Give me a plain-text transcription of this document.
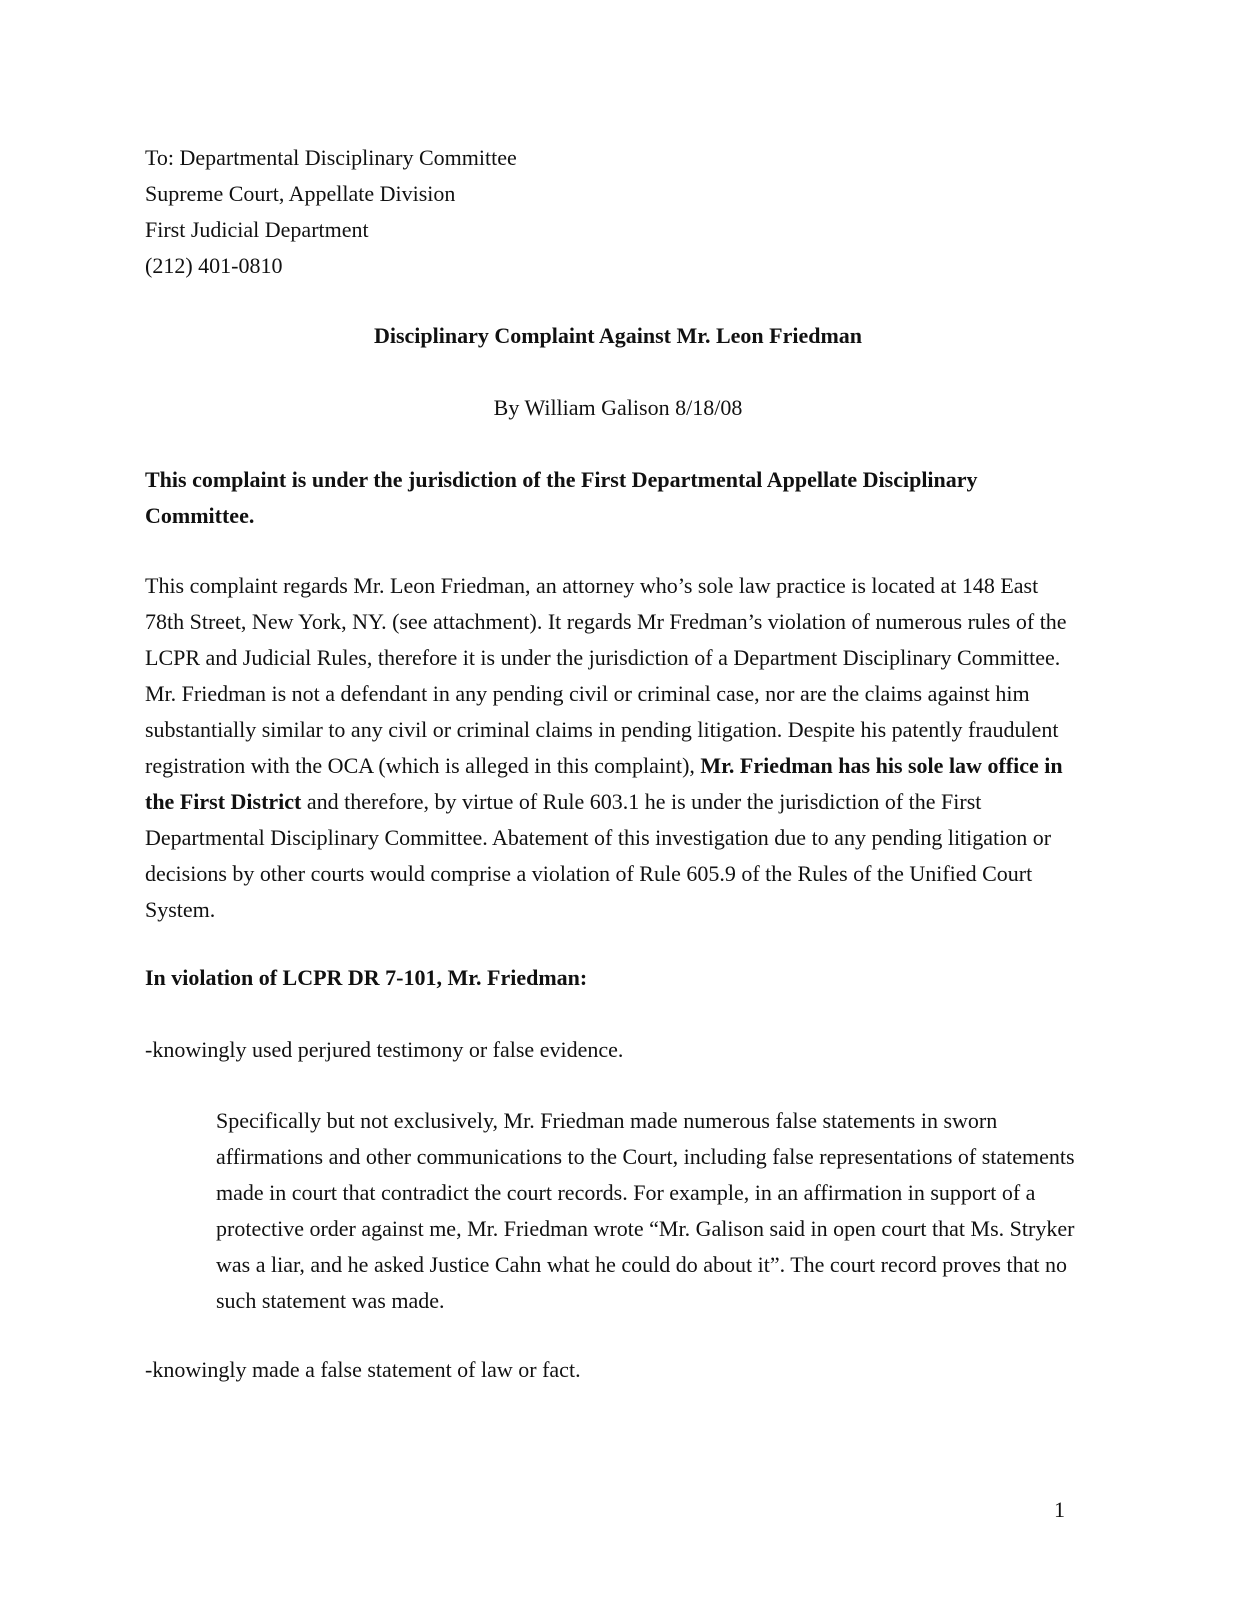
To: Departmental Disciplinary Committee
Supreme Court, Appellate Division
First Judicial Department
(212) 401-0810
Disciplinary Complaint Against Mr. Leon Friedman
By William Galison 8/18/08
This complaint is under the jurisdiction of the First Departmental Appellate Disciplinary Committee.
This complaint regards Mr. Leon Friedman, an attorney who’s sole law practice is located at 148 East 78th Street, New York, NY. (see attachment). It regards Mr Fredman’s violation of numerous rules of the LCPR and Judicial Rules, therefore it is under the jurisdiction of a Department Disciplinary Committee. Mr. Friedman is not a defendant in any pending civil or criminal case, nor are the claims against him substantially similar to any civil or criminal claims in pending litigation. Despite his patently fraudulent registration with the OCA (which is alleged in this complaint), Mr. Friedman has his sole law office in the First District and therefore, by virtue of Rule 603.1 he is under the jurisdiction of the First Departmental Disciplinary Committee. Abatement of this investigation due to any pending litigation or decisions by other courts would comprise a violation of Rule 605.9 of the Rules of the Unified Court System.
In violation of LCPR DR 7-101, Mr. Friedman:
-knowingly used perjured testimony or false evidence.
Specifically but not exclusively, Mr. Friedman made numerous false statements in sworn affirmations and other communications to the Court, including false representations of statements made in court that contradict the court records. For example, in an affirmation in support of a protective order against me, Mr. Friedman wrote “Mr. Galison said in open court that Ms. Stryker was a liar, and he asked Justice Cahn what he could do about it”. The court record proves that no such statement was made.
-knowingly made a false statement of law or fact.
1
